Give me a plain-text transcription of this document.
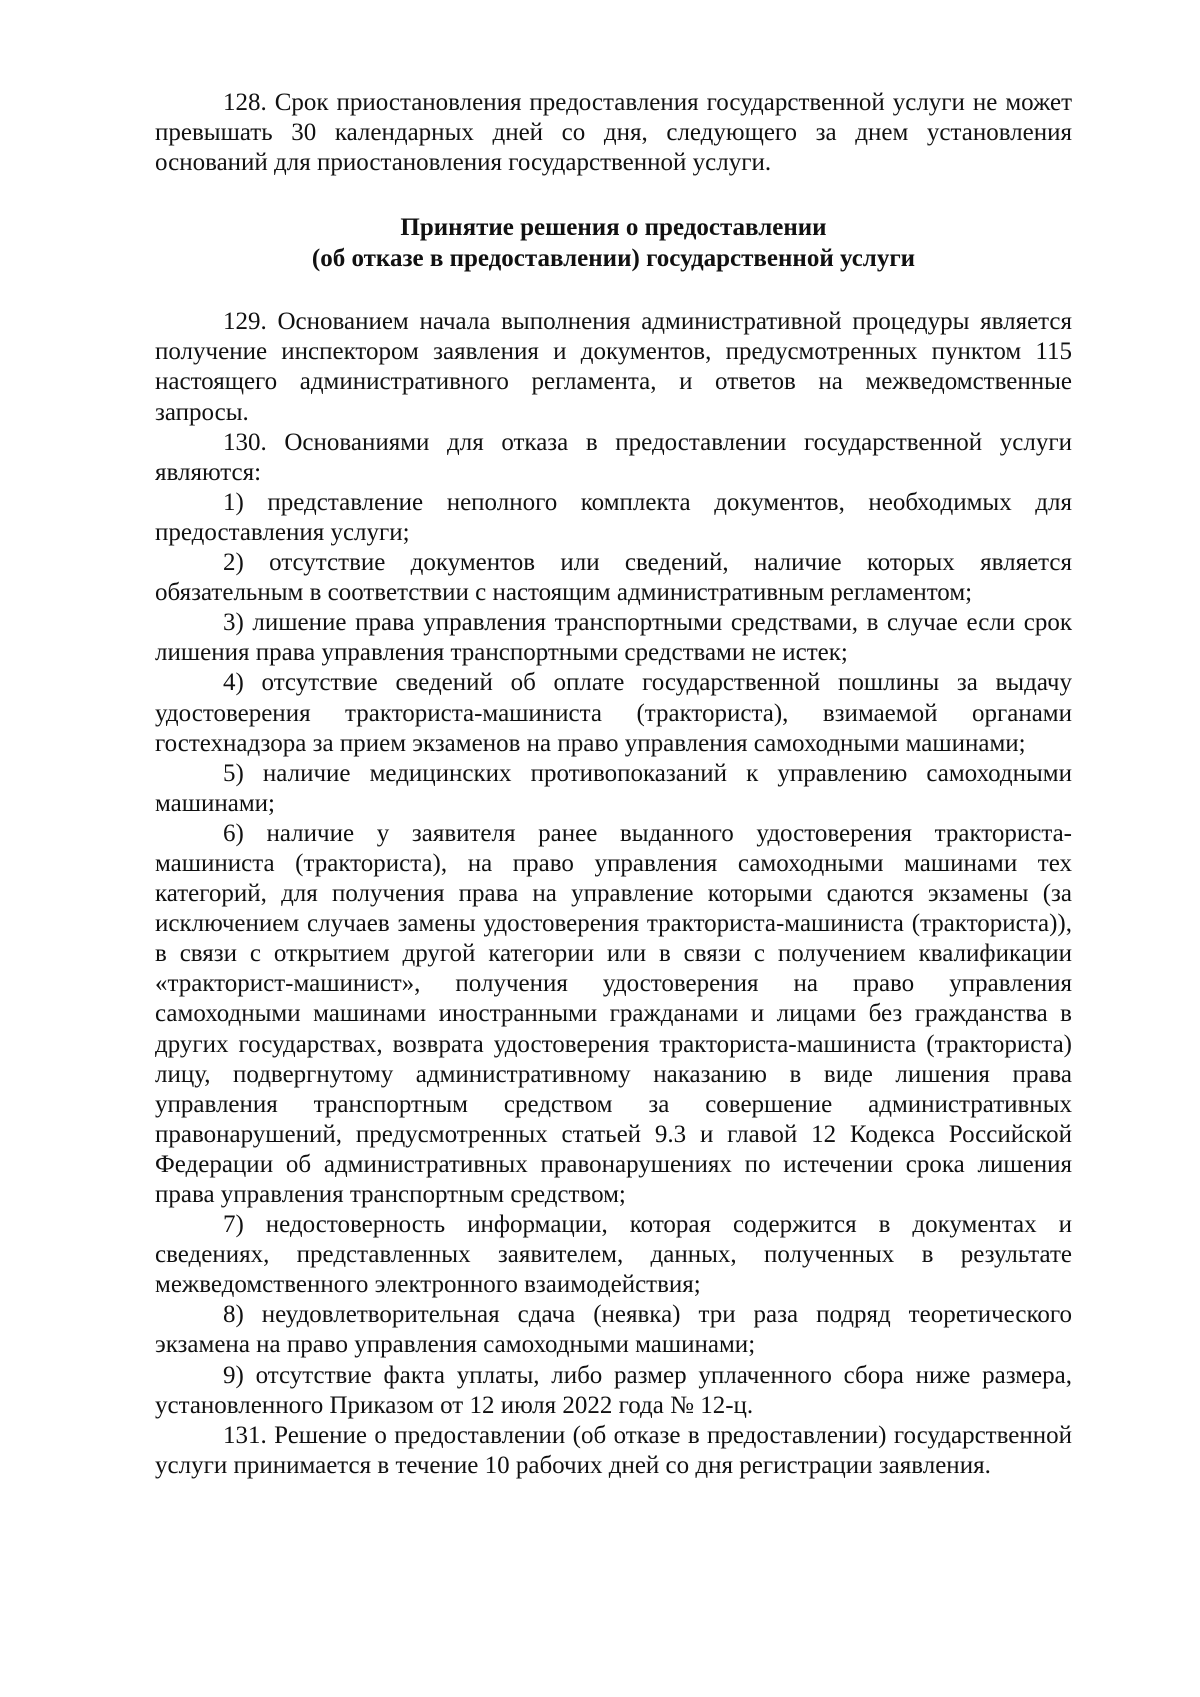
128. Срок приостановления предоставления государственной услуги не может превышать 30 календарных дней со дня, следующего за днем установления оснований для приостановления государственной услуги.

Принятие решения о предоставлении
(об отказе в предоставлении) государственной услуги

129. Основанием начала выполнения административной процедуры является получение инспектором заявления и документов, предусмотренных пунктом 115 настоящего административного регламента, и ответов на межведомственные запросы.

130. Основаниями для отказа в предоставлении государственной услуги являются:

1) представление неполного комплекта документов, необходимых для предоставления услуги;

2) отсутствие документов или сведений, наличие которых является обязательным в соответствии с настоящим административным регламентом;

3) лишение права управления транспортными средствами, в случае если срок лишения права управления транспортными средствами не истек;

4) отсутствие сведений об оплате государственной пошлины за выдачу удостоверения тракториста-машиниста (тракториста), взимаемой органами гостехнадзора за прием экзаменов на право управления самоходными машинами;

5) наличие медицинских противопоказаний к управлению самоходными машинами;

6) наличие у заявителя ранее выданного удостоверения тракториста-машиниста (тракториста), на право управления самоходными машинами тех категорий, для получения права на управление которыми сдаются экзамены (за исключением случаев замены удостоверения тракториста-машиниста (тракториста)), в связи с открытием другой категории или в связи с получением квалификации «тракторист-машинист», получения удостоверения на право управления самоходными машинами иностранными гражданами и лицами без гражданства в других государствах, возврата удостоверения тракториста-машиниста (тракториста) лицу, подвергнутому административному наказанию в виде лишения права управления транспортным средством за совершение административных правонарушений, предусмотренных статьей 9.3 и главой 12 Кодекса Российской Федерации об административных правонарушениях по истечении срока лишения права управления транспортным средством;

7) недостоверность информации, которая содержится в документах и сведениях, представленных заявителем, данных, полученных в результате межведомственного электронного взаимодействия;

8) неудовлетворительная сдача (неявка) три раза подряд теоретического экзамена на право управления самоходными машинами;

9) отсутствие факта уплаты, либо размер уплаченного сбора ниже размера, установленного Приказом от 12 июля 2022 года № 12-ц.

131. Решение о предоставлении (об отказе в предоставлении) государственной услуги принимается в течение 10 рабочих дней со дня регистрации заявления.
